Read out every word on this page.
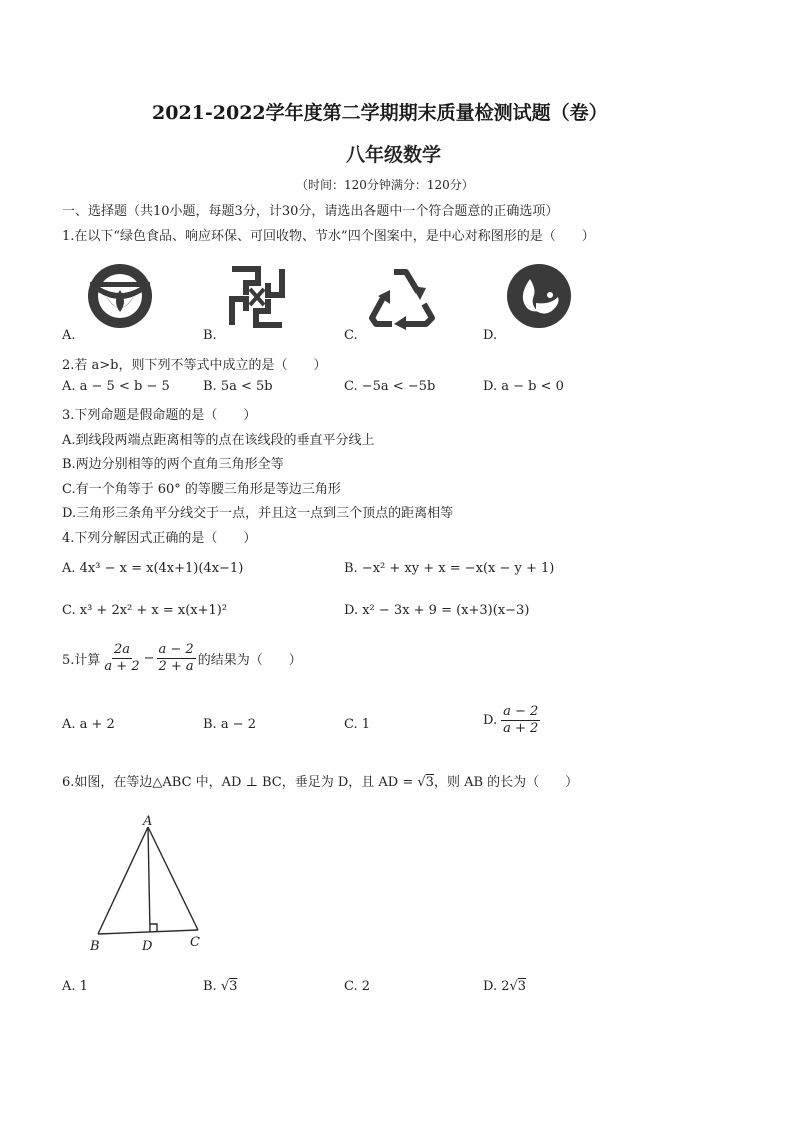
2021-2022学年度第二学期期末质量检测试题（卷）
八年级数学
（时间：120分钟满分：120分）
一、选择题（共10小题，每题3分，计30分，请选出各题中一个符合题意的正确选项）
1.在以下“绿色食品、响应环保、可回收物、节水”四个图案中，是中心对称图形的是（　　）
A.	B.	C.	D.
2.若 a>b，则下列不等式中成立的是（　　）
A. a − 5 < b − 5	B. 5a < 5b	C. −5a < −5b	D. a − b < 0
3.下列命题是假命题的是（　　）
A.到线段两端点距离相等的点在该线段的垂直平分线上
B.两边分别相等的两个直角三角形全等
C.有一个角等于 60° 的等腰三角形是等边三角形
D.三角形三条角平分线交于一点，并且这一点到三个顶点的距离相等
4.下列分解因式正确的是（　　）
A. 4x³ − x = x(4x+1)(4x−1)	B. −x² + xy + x = −x(x − y + 1)
C. x³ + 2x² + x = x(x+1)²	D. x² − 3x + 9 = (x+3)(x−3)
5.计算 $\frac{2a}{a + 2} - \frac{a - 2}{2 + a}$ 的结果为（　　）
A. a + 2	B. a − 2	C. 1	D. $\frac{a - 2}{a + 2}$
6.如图，在等边△ABC 中，AD ⊥ BC，垂足为 D，且 AD = √3，则 AB 的长为（　　）
A
B	D	C
A. 1	B. √3	C. 2	D. 2√3
